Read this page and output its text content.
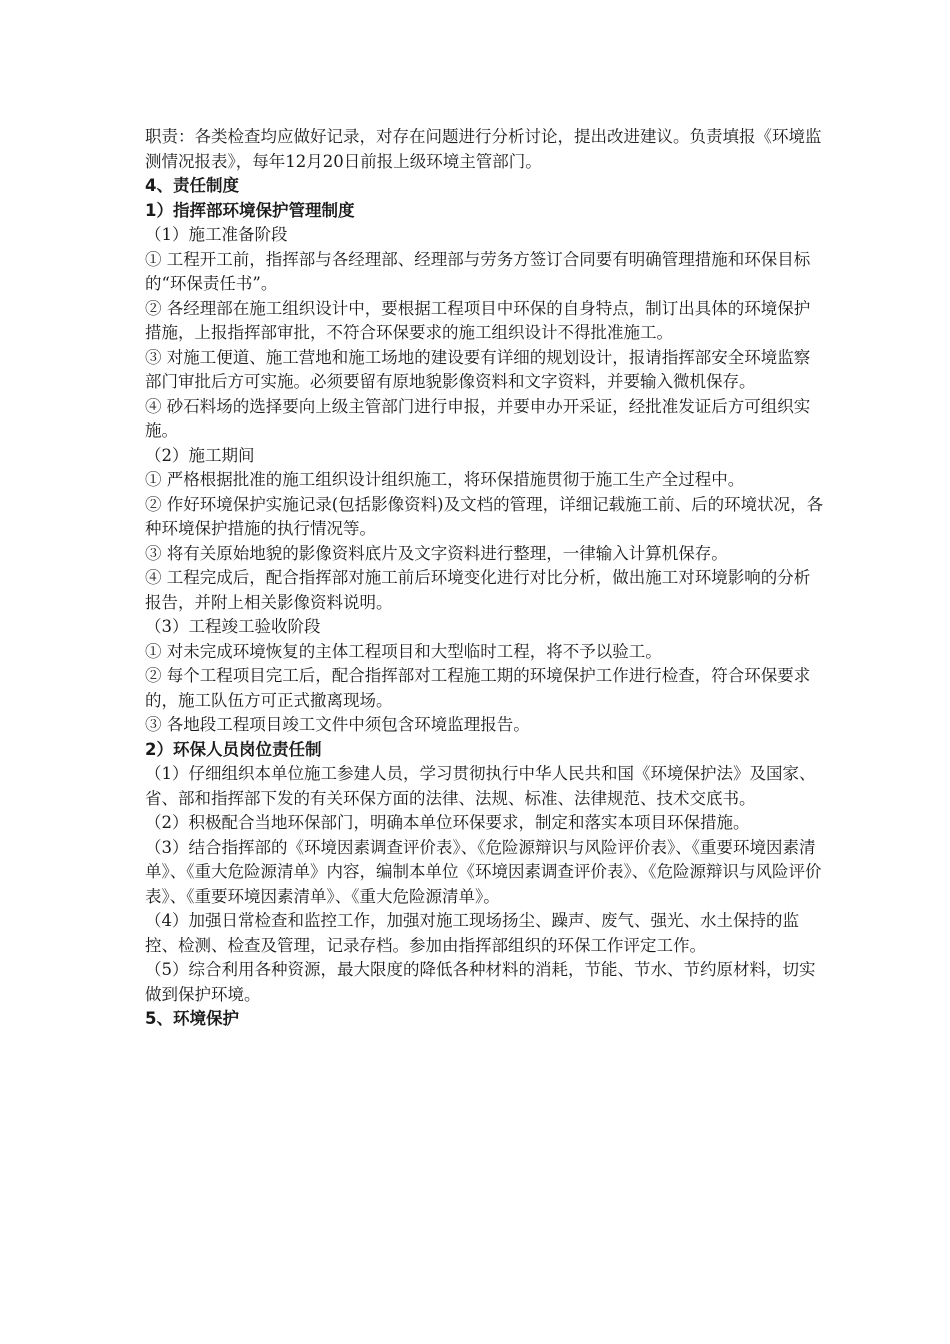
职责：各类检查均应做好记录，对存在问题进行分析讨论，提出改进建议。负责填报《环境监测情况报表》，每年12月20日前报上级环境主管部门。

4、责任制度

1）指挥部环境保护管理制度

（1）施工准备阶段

① 工程开工前，指挥部与各经理部、经理部与劳务方签订合同要有明确管理措施和环保目标的“环保责任书”。

② 各经理部在施工组织设计中，要根据工程项目中环保的自身特点，制订出具体的环境保护措施，上报指挥部审批，不符合环保要求的施工组织设计不得批准施工。

③ 对施工便道、施工营地和施工场地的建设要有详细的规划设计，报请指挥部安全环境监察部门审批后方可实施。必须要留有原地貌影像资料和文字资料，并要输入微机保存。

④ 砂石料场的选择要向上级主管部门进行申报，并要申办开采证，经批准发证后方可组织实施。

（2）施工期间

① 严格根据批准的施工组织设计组织施工，将环保措施贯彻于施工生产全过程中。

② 作好环境保护实施记录(包括影像资料)及文档的管理，详细记载施工前、后的环境状况，各种环境保护措施的执行情况等。

③ 将有关原始地貌的影像资料底片及文字资料进行整理，一律输入计算机保存。

④ 工程完成后，配合指挥部对施工前后环境变化进行对比分析，做出施工对环境影响的分析报告，并附上相关影像资料说明。

（3）工程竣工验收阶段

① 对未完成环境恢复的主体工程项目和大型临时工程，将不予以验工。

② 每个工程项目完工后，配合指挥部对工程施工期的环境保护工作进行检查，符合环保要求的，施工队伍方可正式撤离现场。

③ 各地段工程项目竣工文件中须包含环境监理报告。

2）环保人员岗位责任制

（1）仔细组织本单位施工参建人员，学习贯彻执行中华人民共和国《环境保护法》及国家、省、部和指挥部下发的有关环保方面的法律、法规、标准、法律规范、技术交底书。

（2）积极配合当地环保部门，明确本单位环保要求，制定和落实本项目环保措施。

（3）结合指挥部的《环境因素调查评价表》、《危险源辩识与风险评价表》、《重要环境因素清单》、《重大危险源清单》内容，编制本单位《环境因素调查评价表》、《危险源辩识与风险评价表》、《重要环境因素清单》、《重大危险源清单》。

（4）加强日常检查和监控工作，加强对施工现场扬尘、躁声、废气、强光、水土保持的监控、检测、检查及管理，记录存档。参加由指挥部组织的环保工作评定工作。

（5）综合利用各种资源，最大限度的降低各种材料的消耗，节能、节水、节约原材料，切实做到保护环境。

5、环境保护
